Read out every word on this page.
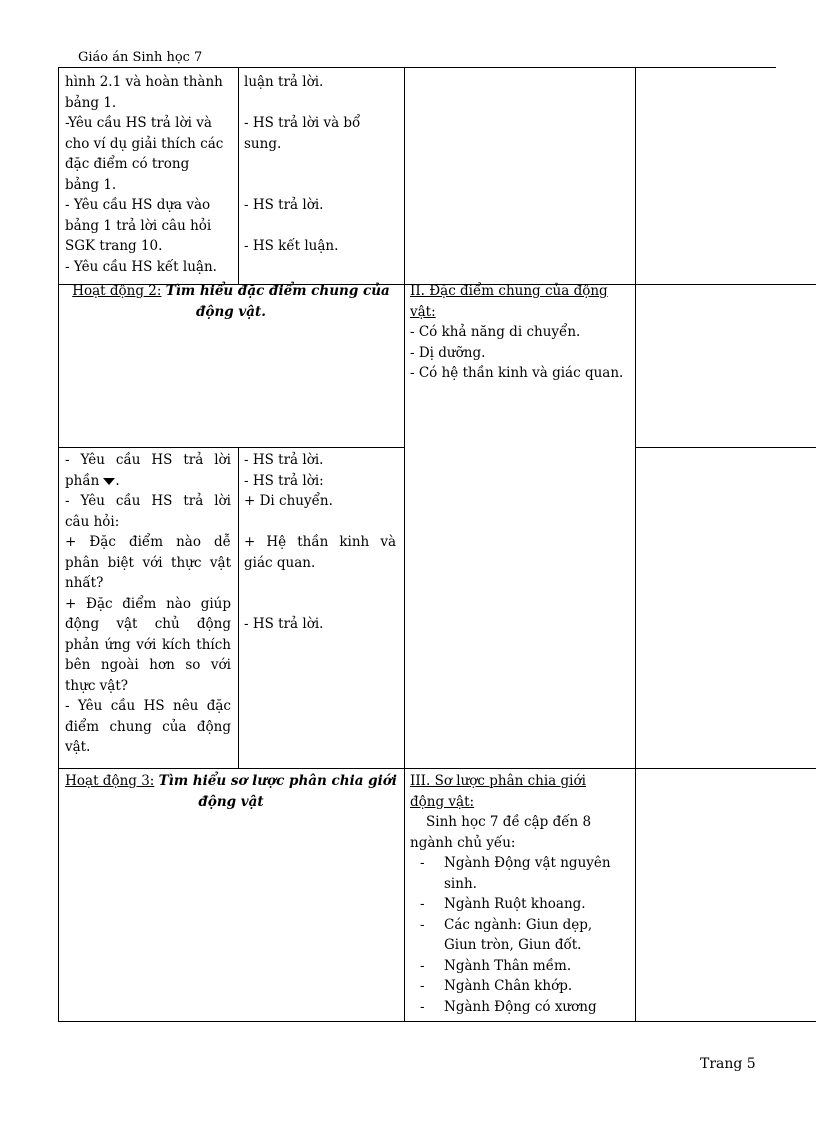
Giáo án Sinh học 7

hình 2.1 và hoàn thành

bảng 1.

-Yêu cầu HS trả lời và

cho ví dụ giải thích các

đặc điểm có trong

bảng 1.

- Yêu cầu HS dựa vào

bảng 1 trả lời câu hỏi

SGK trang 10.

- Yêu cầu HS kết luận.

luận trả lời.

- HS trả lời và bổ

sung.

- HS trả lời.

- HS kết luận.

Hoạt động 2: Tìm hiểu đặc điểm chung của
động vật.

II. Đặc điểm chung của động

vật:

- Có khả năng di chuyển.

- Dị dưỡng.

- Có hệ thần kinh và giác quan.

- Yêu cầu HS trả lời

phần .

- Yêu cầu HS trả lời

câu hỏi:

+ Đặc điểm nào dễ

phân biệt với thực vật

nhất?

+ Đặc điểm nào giúp

động vật chủ động

phản ứng với kích thích

bên ngoài hơn so với

thực vật?

- Yêu cầu HS nêu đặc

điểm chung của động

vật.

- HS trả lời.

- HS trả lời:

+ Di chuyển.

+ Hệ thần kinh và

giác quan.

- HS trả lời.

Hoạt động 3: Tìm hiểu sơ lược phân chia giới
động vật

III. Sơ lược phân chia giới

động vật:

Sinh học 7 đề cập đến 8

ngành chủ yếu:

- Ngành Động vật nguyên
sinh.
- Ngành Ruột khoang.
- Các ngành: Giun dẹp,
Giun tròn, Giun đốt.
- Ngành Thân mềm.
- Ngành Chân khớp.
- Ngành Động có xương
Trang 5
